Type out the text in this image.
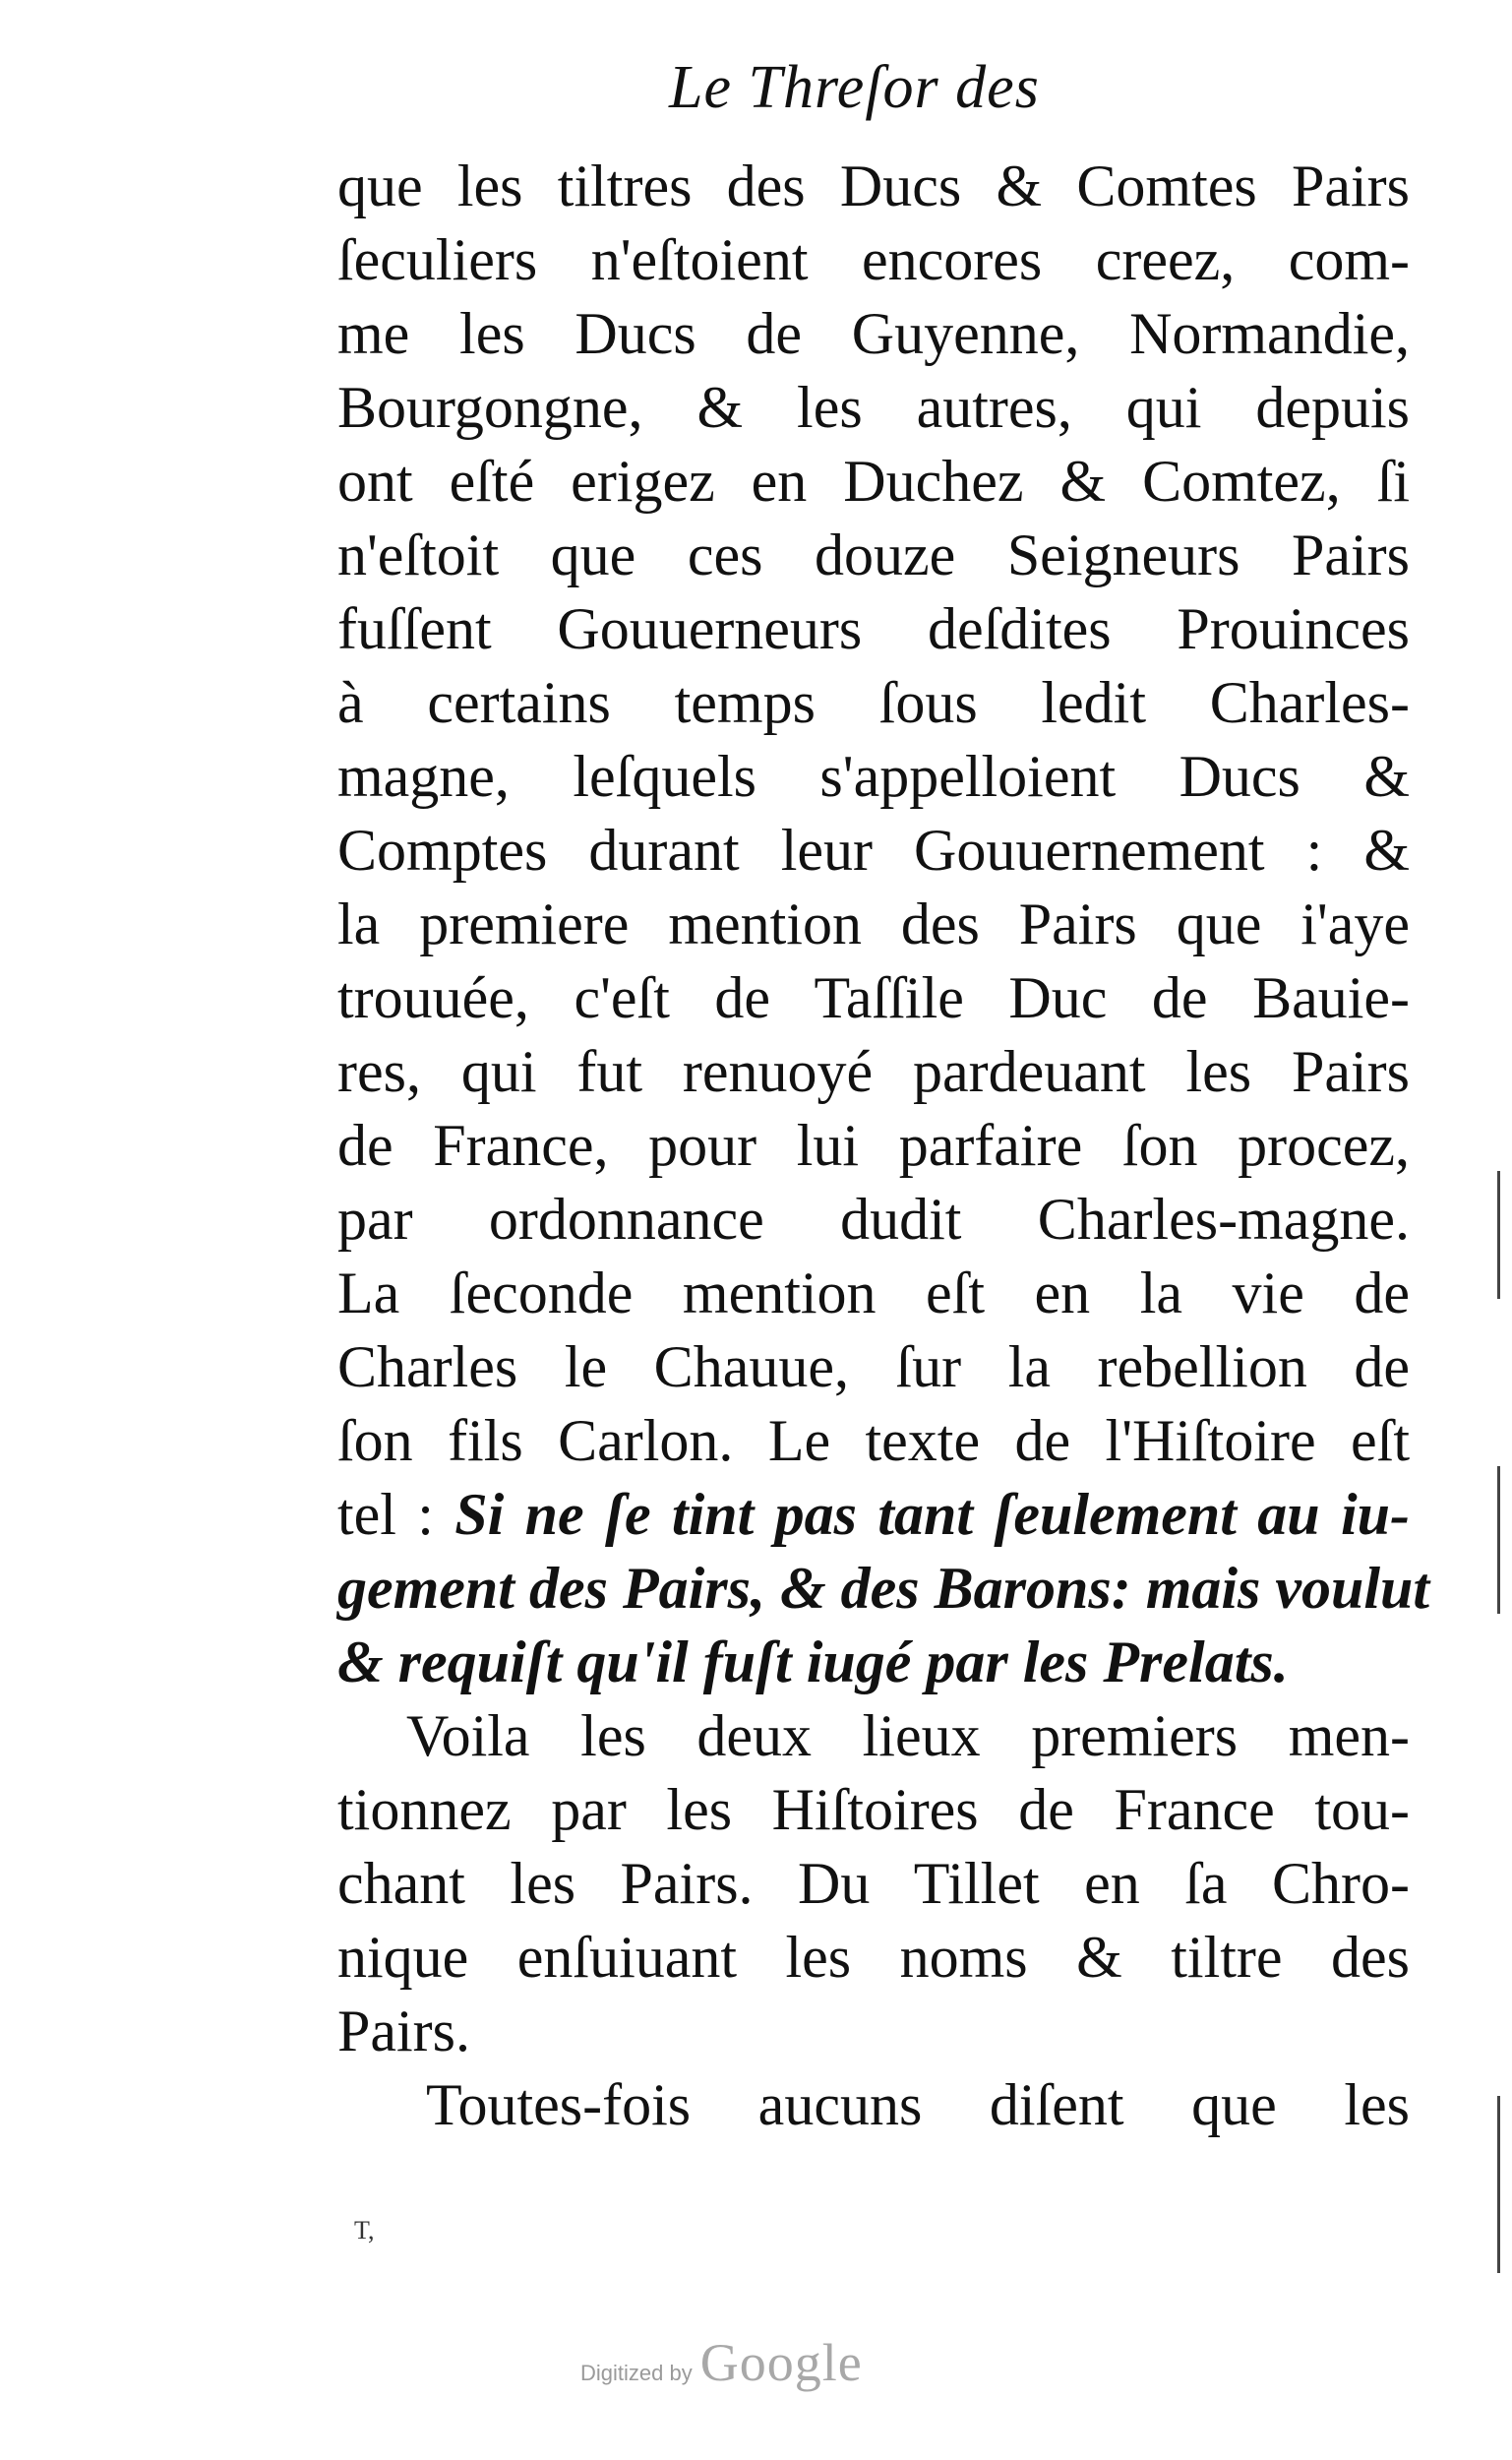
Le Threſor des
que les tiltres des Ducs & Comtes Pairs
ſeculiers n'eſtoient encores creez, com-
me les Ducs de Guyenne, Normandie,
Bourgongne, & les autres, qui depuis
ont eſté erigez en Duchez & Comtez, ſi
n'eſtoit que ces douze Seigneurs Pairs
fuſſent Gouuerneurs deſdites Prouinces
à certains temps ſous ledit Charles-
magne, leſquels s'appelloient Ducs &
Comptes durant leur Gouuernement : &
la premiere mention des Pairs que i'aye
trouuée, c'eſt de Taſſile Duc de Bauie-
res, qui fut renuoyé pardeuant les Pairs
de France, pour lui parfaire ſon procez,
par ordonnance dudit Charles-magne.
La ſeconde mention eſt en la vie de
Charles le Chauue, ſur la rebellion de
ſon fils Carlon. Le texte de l'Hiſtoire eſt
tel : Si ne ſe tint pas tant ſeulement au iu-
gement des Pairs, & des Barons: mais voulut
& requiſt qu'il fuſt iugé par les Prelats.
Voila les deux lieux premiers men-
tionnez par les Hiſtoires de France tou-
chant les Pairs. Du Tillet en ſa Chro-
nique enſuiuant les noms & tiltre des
Pairs.
Toutes-fois aucuns diſent que les
T,
Digitized by Google
